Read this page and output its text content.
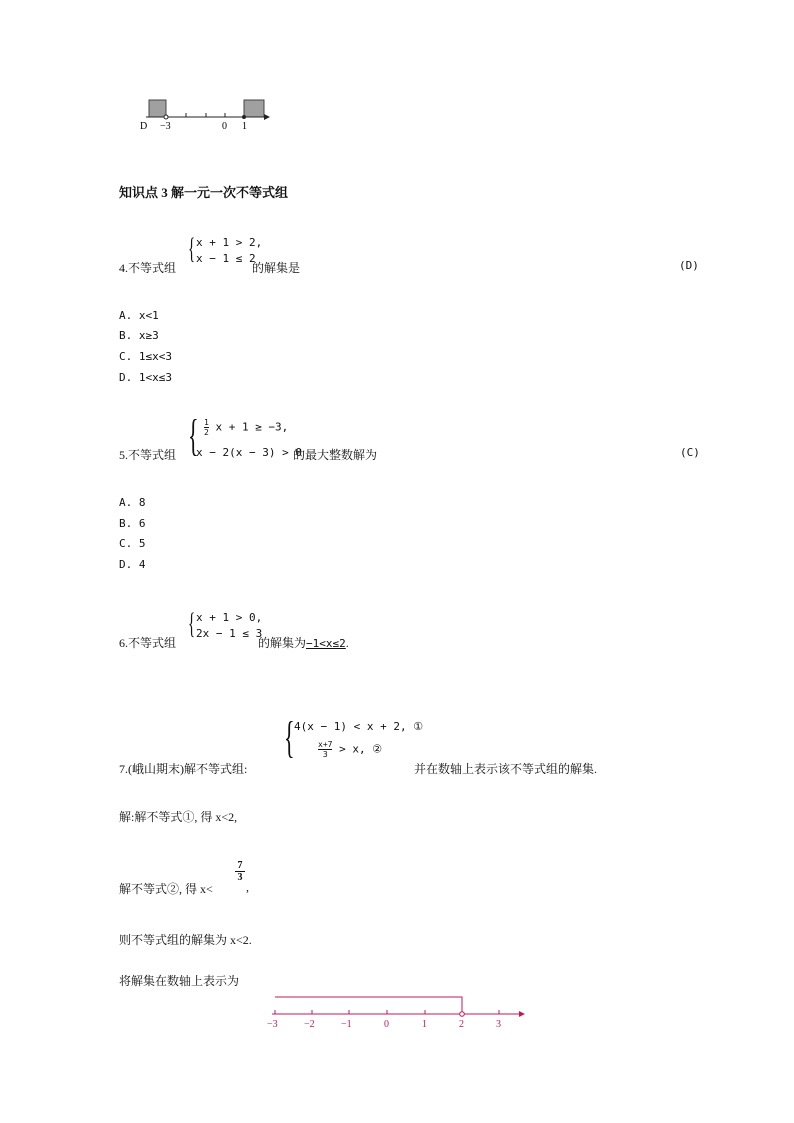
D −3	0 1
知识点 3 解一元一次不等式组
4.不等式组
{ x + 1 > 2,
x − 1 ≤ 2
的解集是	(D)
A. x<1
B. x≥3
C. 1≤x<3
D. 1<x≤3
5.不等式组 { $\frac{1}{2}$ x + 1 ≥ −3,
x − 2(x − 3) > 0
的最大整数解为	(C)
A. 8
B. 6
C. 5
D. 4
6.不等式组
{ x + 1 > 0,
2x − 1 ≤ 3
的解集为−1<x≤2.
7.(峨山期末)解不等式组:
{ 4(x − 1) < x + 2, ①
$\frac{x+7}{3} > x$, ②
并在数轴上表示该不等式组的解集.
解:解不等式①, 得 x<2,
解不等式②, 得 x<
7
3
,
则不等式组的解集为 x<2.
将解集在数轴上表示为
−3	−2	−1	0	1	2	3
